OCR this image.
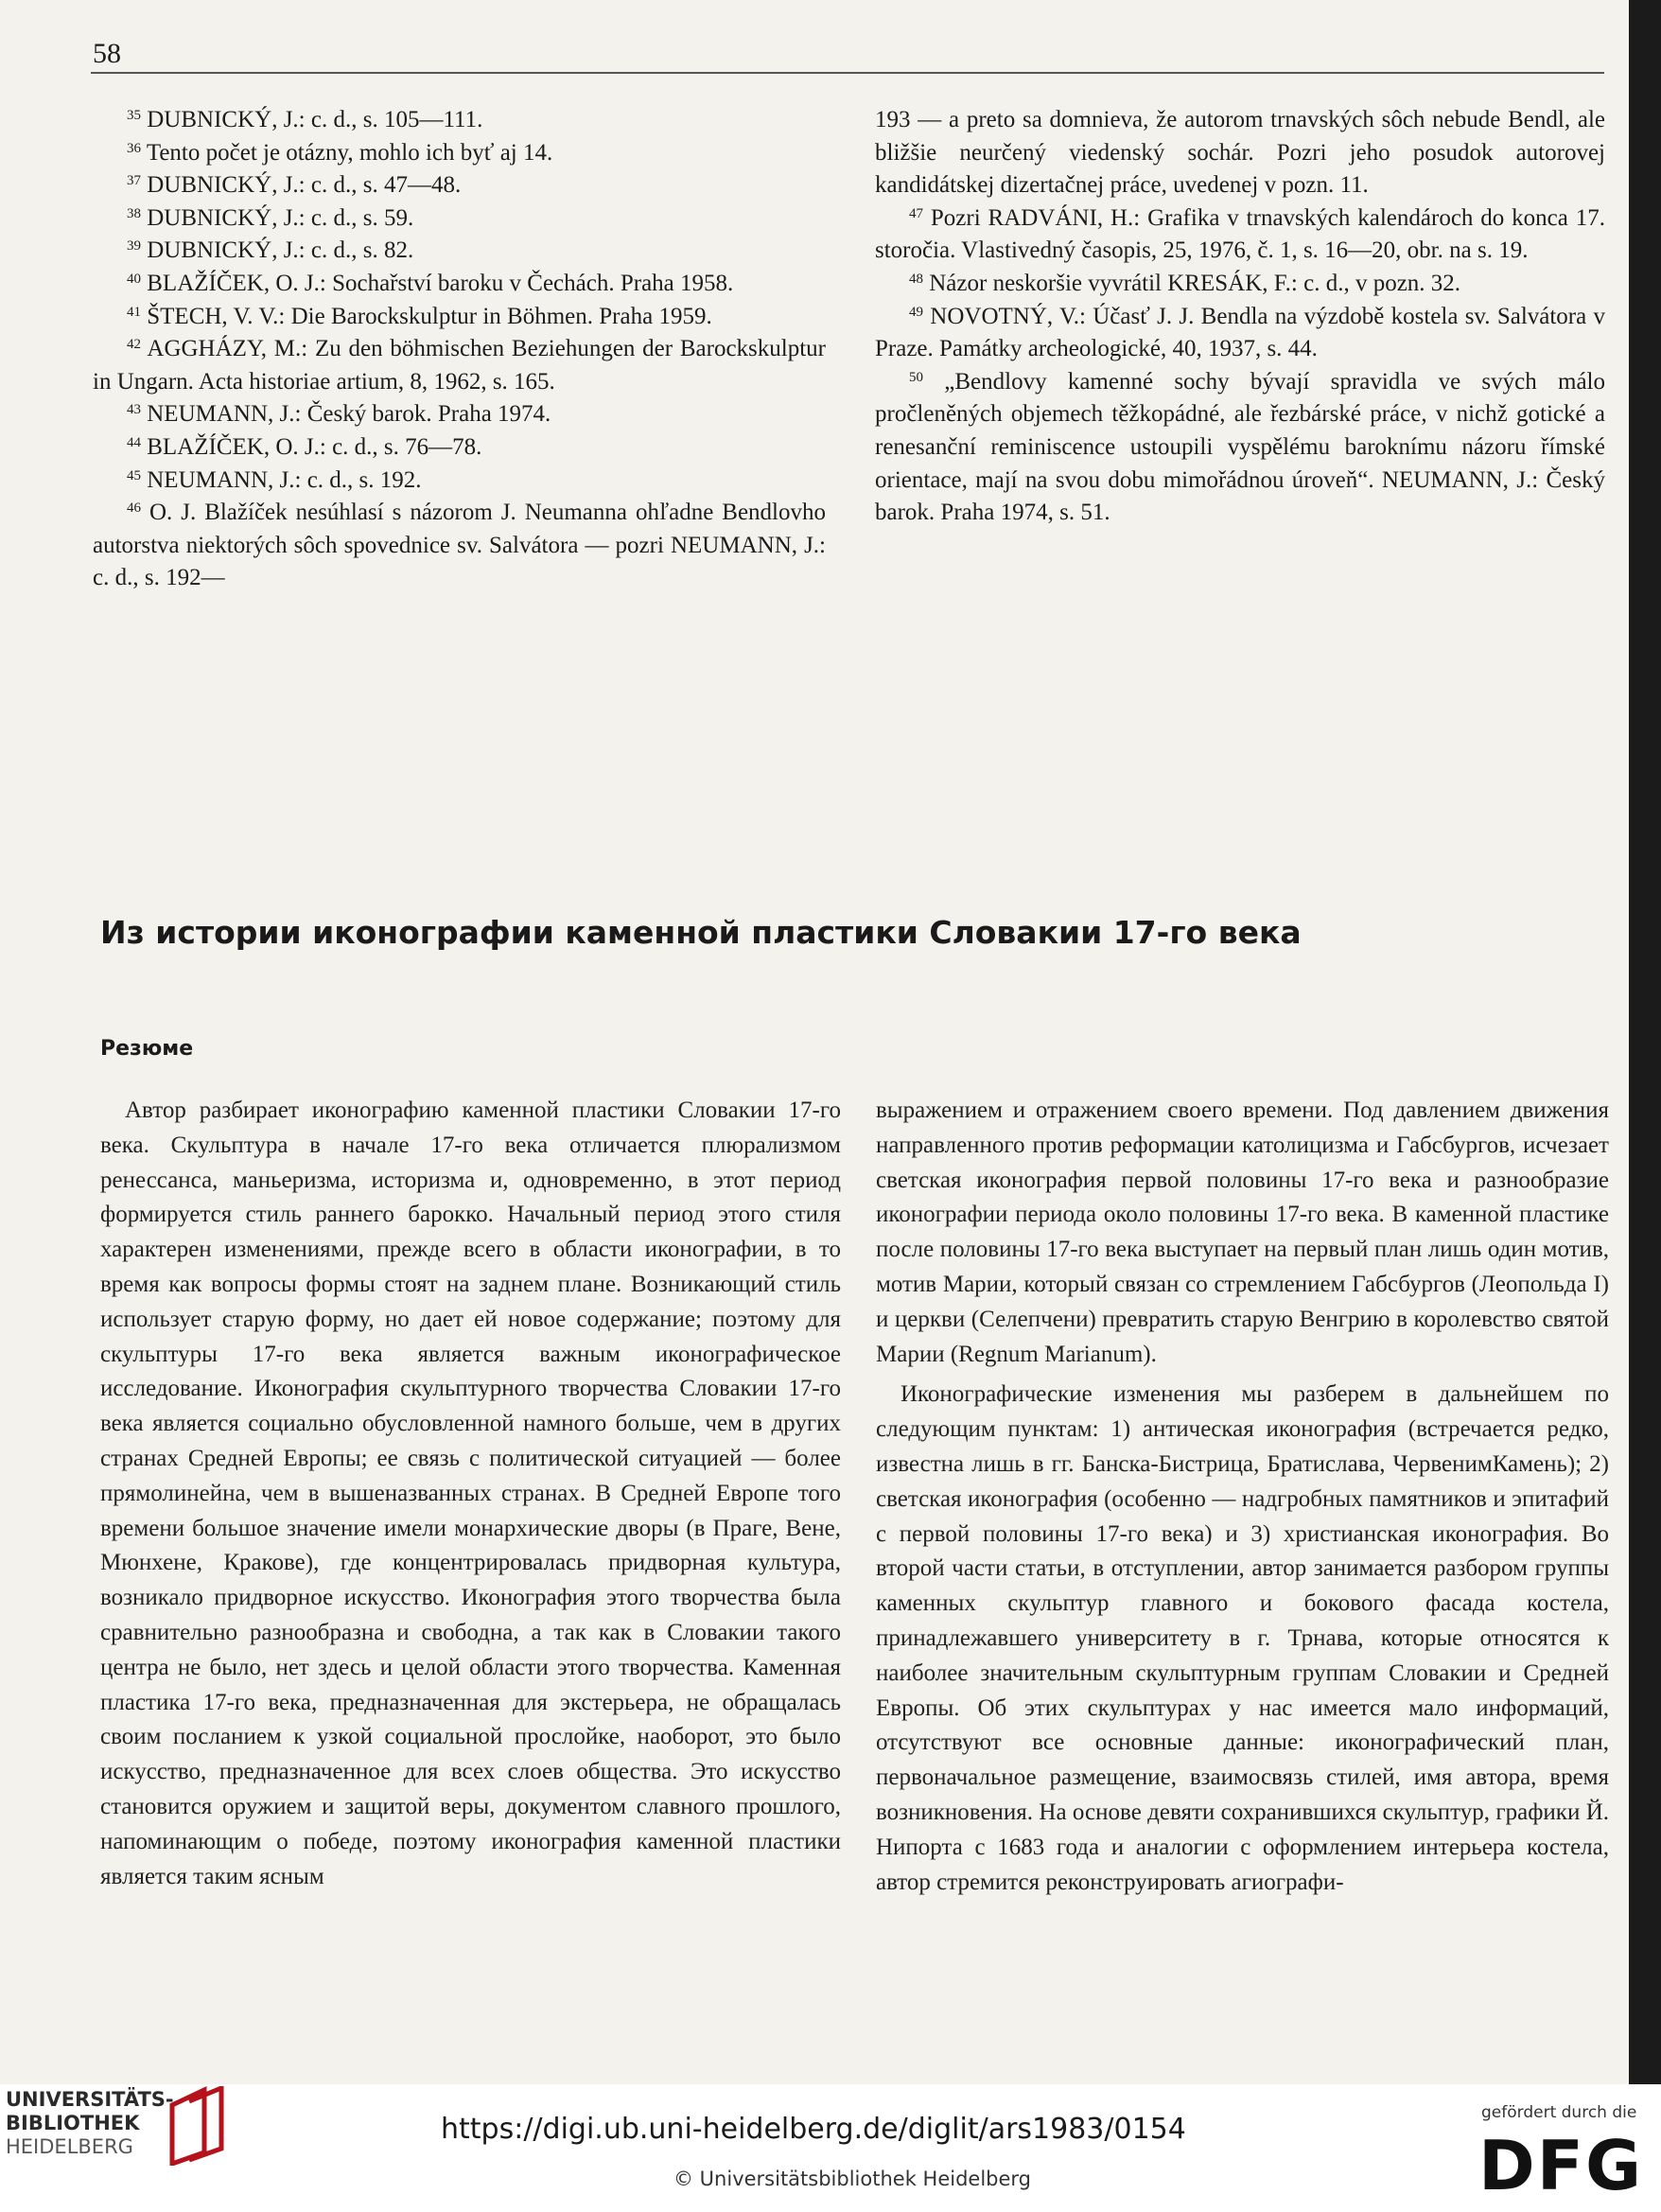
58

$^{35}$ DUBNICKÝ, J.: c. d., s. 105—111.

$^{36}$ Tento počet je otázny, mohlo ich byť aj 14.

$^{37}$ DUBNICKÝ, J.: c. d., s. 47—48.

$^{38}$ DUBNICKÝ, J.: c. d., s. 59.

$^{39}$ DUBNICKÝ, J.: c. d., s. 82.

$^{40}$ BLAŽÍČEK, O. J.: Sochařství baroku v Čechách. Praha 1958.

$^{41}$ ŠTECH, V. V.: Die Barockskulptur in Böhmen. Praha 1959.

$^{42}$ AGGHÁZY, M.: Zu den böhmischen Beziehungen der Barockskulptur in Ungarn. Acta historiae artium, 8, 1962, s. 165.

$^{43}$ NEUMANN, J.: Český barok. Praha 1974.

$^{44}$ BLAŽÍČEK, O. J.: c. d., s. 76—78.

$^{45}$ NEUMANN, J.: c. d., s. 192.

$^{46}$ O. J. Blažíček nesúhlasí s názorom J. Neumanna ohľadne Bendlovho autorstva niektorých sôch spovednice sv. Salvátora — pozri NEUMANN, J.: c. d., s. 192—

193 — a preto sa domnieva, že autorom trnavských sôch nebude Bendl, ale bližšie neurčený viedenský sochár. Pozri jeho posudok autorovej kandidátskej dizertačnej práce, uvedenej v pozn. 11.

$^{47}$ Pozri RADVÁNI, H.: Grafika v trnavských kalendároch do konca 17. storočia. Vlastivedný časopis, 25, 1976, č. 1, s. 16—20, obr. na s. 19.

$^{48}$ Názor neskoršie vyvrátil KRESÁK, F.: c. d., v pozn. 32.

$^{49}$ NOVOTNÝ, V.: Účasť J. J. Bendla na výzdobě kostela sv. Salvátora v Praze. Památky archeologické, 40, 1937, s. 44.

$^{50}$ „Bendlovy kamenné sochy bývají spravidla ve svých málo pročleněných objemech těžkopádné, ale řezbárské práce, v nichž gotické a renesanční reminiscence ustoupili vyspělému baroknímu názoru římské orientace, mají na svou dobu mimořádnou úroveň“. NEUMANN, J.: Český barok. Praha 1974, s. 51.

Из истории иконографии каменной пластики Словакии 17-го века
Резюме

Автор разбирает иконографию каменной пластики Словакии 17-го века. Скульптура в начале 17-го века отличается плюрализмом ренессанса, маньеризма, историзма и, одновременно, в этот период формируется стиль раннего барокко. Начальный период этого стиля характерен изменениями, прежде всего в области иконографии, в то время как вопросы формы стоят на заднем плане. Возникающий стиль использует старую форму, но дает ей новое содержание; поэтому для скульптуры 17-го века является важным иконографическое исследование. Иконография скульптурного творчества Словакии 17-го века является социально обусловленной намного больше, чем в других странах Средней Европы; ее связь с политической ситуацией — более прямолинейна, чем в вышеназванных странах. В Средней Европе того времени большое значение имели монархические дворы (в Праге, Вене, Мюнхене, Кракове), где концентрировалась придворная культура, возникало придворное искусство. Иконография этого творчества была сравнительно разнообразна и свободна, а так как в Словакии такого центра не было, нет здесь и целой области этого творчества. Каменная пластика 17-го века, предназначенная для экстерьера, не обращалась своим посланием к узкой социальной прослойке, наоборот, это было искусство, предназначенное для всех слоев общества. Это искусство становится оружием и защитой веры, документом славного прошлого, напоминающим о победе, поэтому иконография каменной пластики является таким ясным

выражением и отражением своего времени. Под давлением движения направленного против реформации католицизма и Габсбургов, исчезает светская иконография первой половины 17-го века и разнообразие иконографии периода около половины 17-го века. В каменной пластике после половины 17-го века выступает на первый план лишь один мотив, мотив Марии, который связан со стремлением Габсбургов (Леопольда I) и церкви (Селепчени) превратить старую Венгрию в королевство святой Марии (Regnum Marianum).

Иконографические изменения мы разберем в дальнейшем по следующим пунктам: 1) античеcкая иконография (встречается редко, известна лишь в гг. Банска-Бистрица, Братислава, ЧервенимКамень); 2) светская иконография (особенно — надгробных памятников и эпитафий с первой половины 17-го века) и 3) христианская иконография. Во второй части статьи, в отступлении, автор занимается разбором группы каменных скульптур главного и бокового фасада костела, принадлежавшего университету в г. Трнава, которые относятся к наиболее значительным скульптурным группам Словакии и Средней Европы. Об этих скульптурах у нас имеется мало информаций, отсутствуют все основные данные: иконографический план, первоначальное размещение, взаимосвязь стилей, имя автора, время возникновения. На основе девяти сохранившихся скульптур, графики Й. Нипорта с 1683 года и аналогии с оформлением интерьера костела, автор стремится реконструировать агиографи-

UNIVERSITÄTS-
BIBLIOTHEK
HEIDELBERG
https://digi.ub.uni-heidelberg.de/diglit/ars1983/0154
© Universitätsbibliothek Heidelberg
gefördert durch die
DFG
